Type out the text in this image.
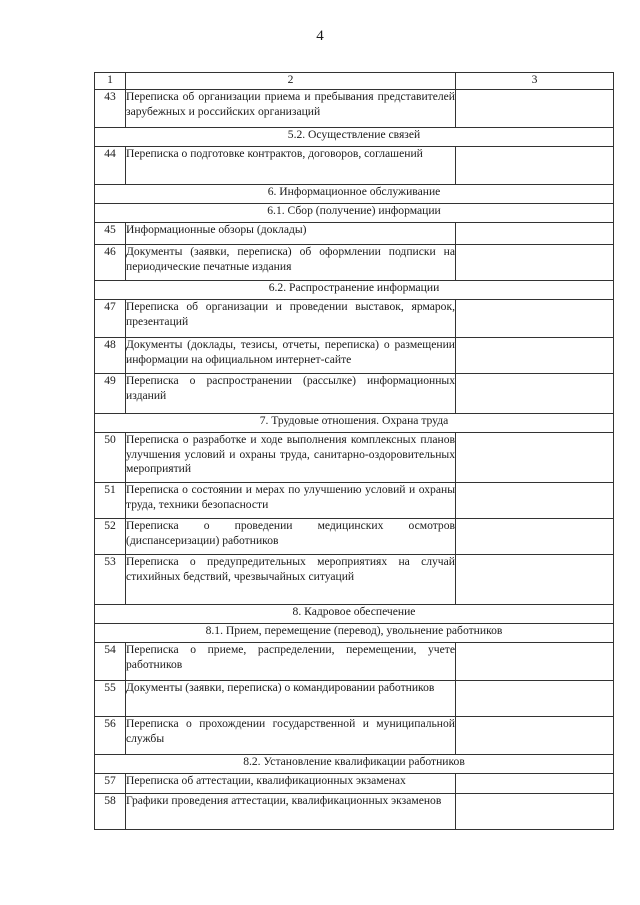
4
1	2	3
43	Переписка об организации приема и пребывания представителей зарубежных и российских организаций	
5.2. Осуществление связей		
44	Переписка о подготовке контрактов, договоров, соглашений	
6. Информационное обслуживание		
6.1. Сбор (получение) информации		
45	Информационные обзоры (доклады)	
46	Документы (заявки, переписка) об оформлении подписки на периодические печатные издания	
6.2. Распространение информации		
47	Переписка об организации и проведении выставок, ярмарок, презентаций	
48	Документы (доклады, тезисы, отчеты, переписка) о размещении информации на официальном интернет-сайте	
49	Переписка о распространении (рассылке) информационных изданий	
7. Трудовые отношения. Охрана труда		
50	Переписка о разработке и ходе выполнения комплексных планов улучшения условий и охраны труда, санитарно-оздоровительных мероприятий	
51	Переписка о состоянии и мерах по улучшению условий и охраны труда, техники безопасности	
52	Переписка о проведении медицинских осмотров (диспансеризации) работников	
53	Переписка о предупредительных мероприятиях на случай стихийных бедствий, чрезвычайных ситуаций	
8. Кадровое обеспечение		
8.1. Прием, перемещение (перевод), увольнение работников		
54	Переписка о приеме, распределении, перемещении, учете работников	
55	Документы (заявки, переписка) о командировании работников	
56	Переписка о прохождении государственной и муниципальной службы	
8.2. Установление квалификации работников		
57	Переписка об аттестации, квалификационных экзаменах	
58	Графики проведения аттестации, квалификационных экзаменов	
